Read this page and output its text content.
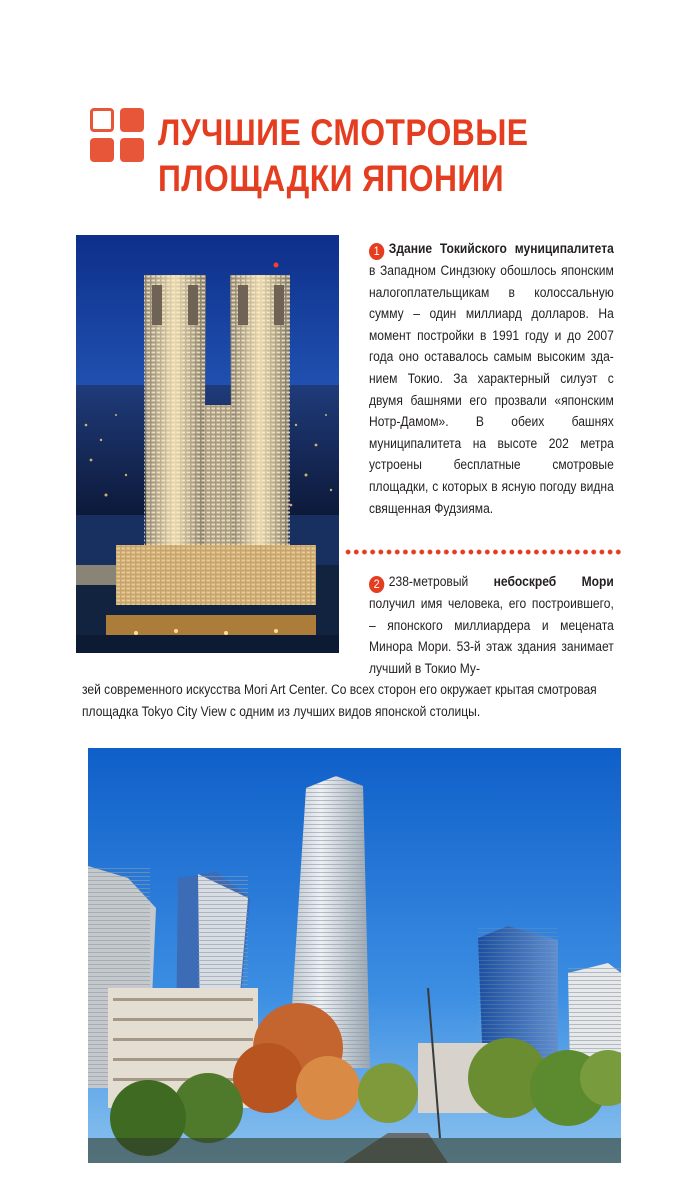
ЛУЧШИЕ СМОТРОВЫЕ
ПЛОЩАДКИ ЯПОНИИ
1 Здание Токийского муниципалитета в Западном Синдзюку обошлось японским налогоплательщикам в колоссальную сумму – один миллиард долларов. На момент постройки в 1991 году и до 2007 года оно оставалось самым высоким зданием Токио. За характерный силуэт с двумя башнями его прозвали «японским Нотр-Дамом». В обеих башнях муниципалитета на высоте 202 метра устроены бесплатные смотровые площадки, с которых в ясную погоду видна священная Фудзияма.
2 238-метровый небоскреб Мори получил имя человека, его построившего, – японского миллиардера и мецената Минора Мори. 53-й этаж здания занимает лучший в Токио Му-
зей современного искусства Mori Art Center. Со всех сторон его окружает крытая смотровая площадка Tokyo City View с одним из лучших видов японской столицы.
